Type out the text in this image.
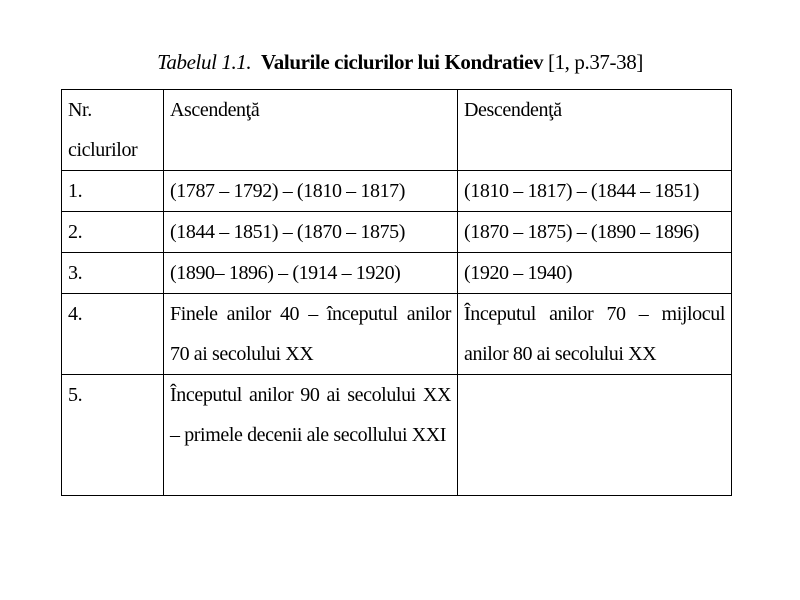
Tabelul 1.1. Valurile ciclurilor lui Kondratiev [1, p.37-38]
Nr. ciclurilor	Ascendenţă	Descendenţă
1.	(1787 – 1792) – (1810 – 1817)	(1810 – 1817) – (1844 – 1851)
2.	(1844 – 1851) – (1870 – 1875)	(1870 – 1875) – (1890 – 1896)
3.	(1890– 1896) – (1914 – 1920)	(1920 – 1940)
4.	Finele anilor 40 – începutul anilor 70 ai secolului XX	Începutul anilor 70 – mijlocul anilor 80 ai secolului XX
5.	Începutul anilor 90 ai secolului XX – primele decenii ale secollului XXI	
